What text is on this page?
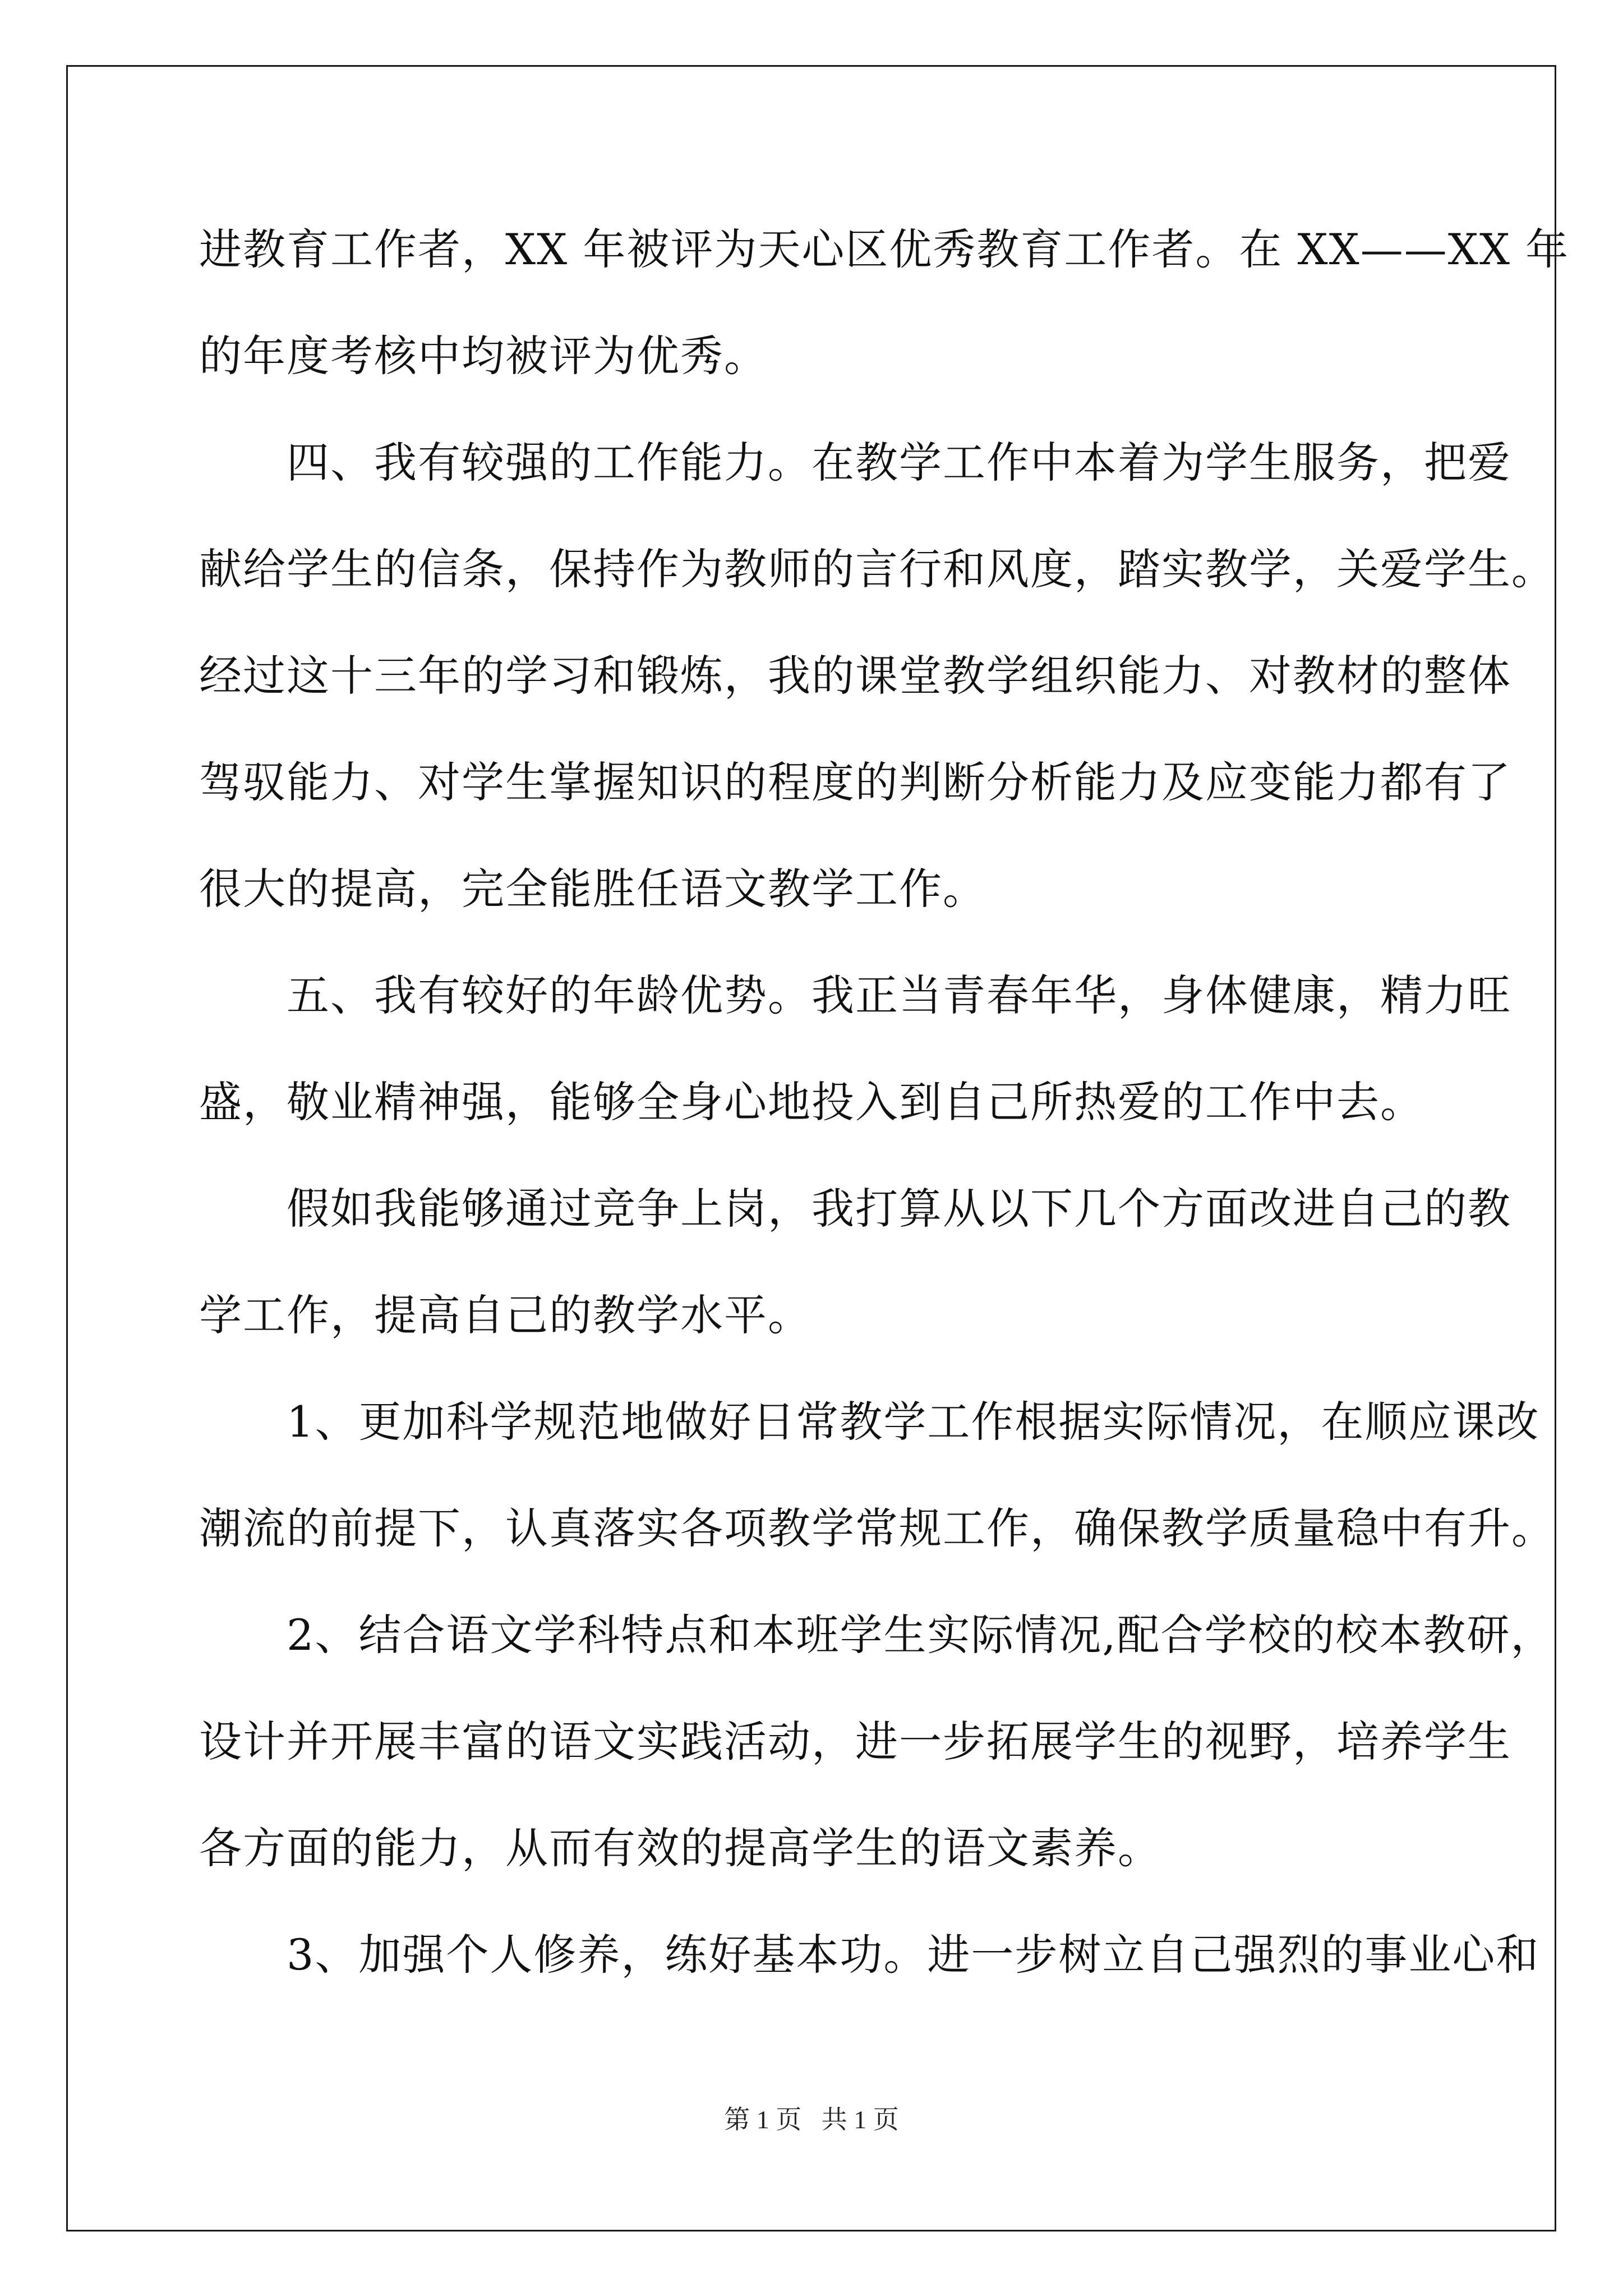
进教育工作者，XX 年被评为天心区优秀教育工作者。在 XX——XX 年
的年度考核中均被评为优秀。
　　四、我有较强的工作能力。在教学工作中本着为学生服务，把爱
献给学生的信条，保持作为教师的言行和风度，踏实教学，关爱学生。
经过这十三年的学习和锻炼，我的课堂教学组织能力、对教材的整体
驾驭能力、对学生掌握知识的程度的判断分析能力及应变能力都有了
很大的提高，完全能胜任语文教学工作。
　　五、我有较好的年龄优势。我正当青春年华，身体健康，精力旺
盛，敬业精神强，能够全身心地投入到自己所热爱的工作中去。
　　假如我能够通过竞争上岗，我打算从以下几个方面改进自己的教
学工作，提高自己的教学水平。
　　1、更加科学规范地做好日常教学工作根据实际情况，在顺应课改
潮流的前提下，认真落实各项教学常规工作，确保教学质量稳中有升。
　　2、结合语文学科特点和本班学生实际情况,配合学校的校本教研，
设计并开展丰富的语文实践活动，进一步拓展学生的视野，培养学生
各方面的能力，从而有效的提高学生的语文素养。
　　3、加强个人修养，练好基本功。进一步树立自己强烈的事业心和
第 1 页 共 1 页
